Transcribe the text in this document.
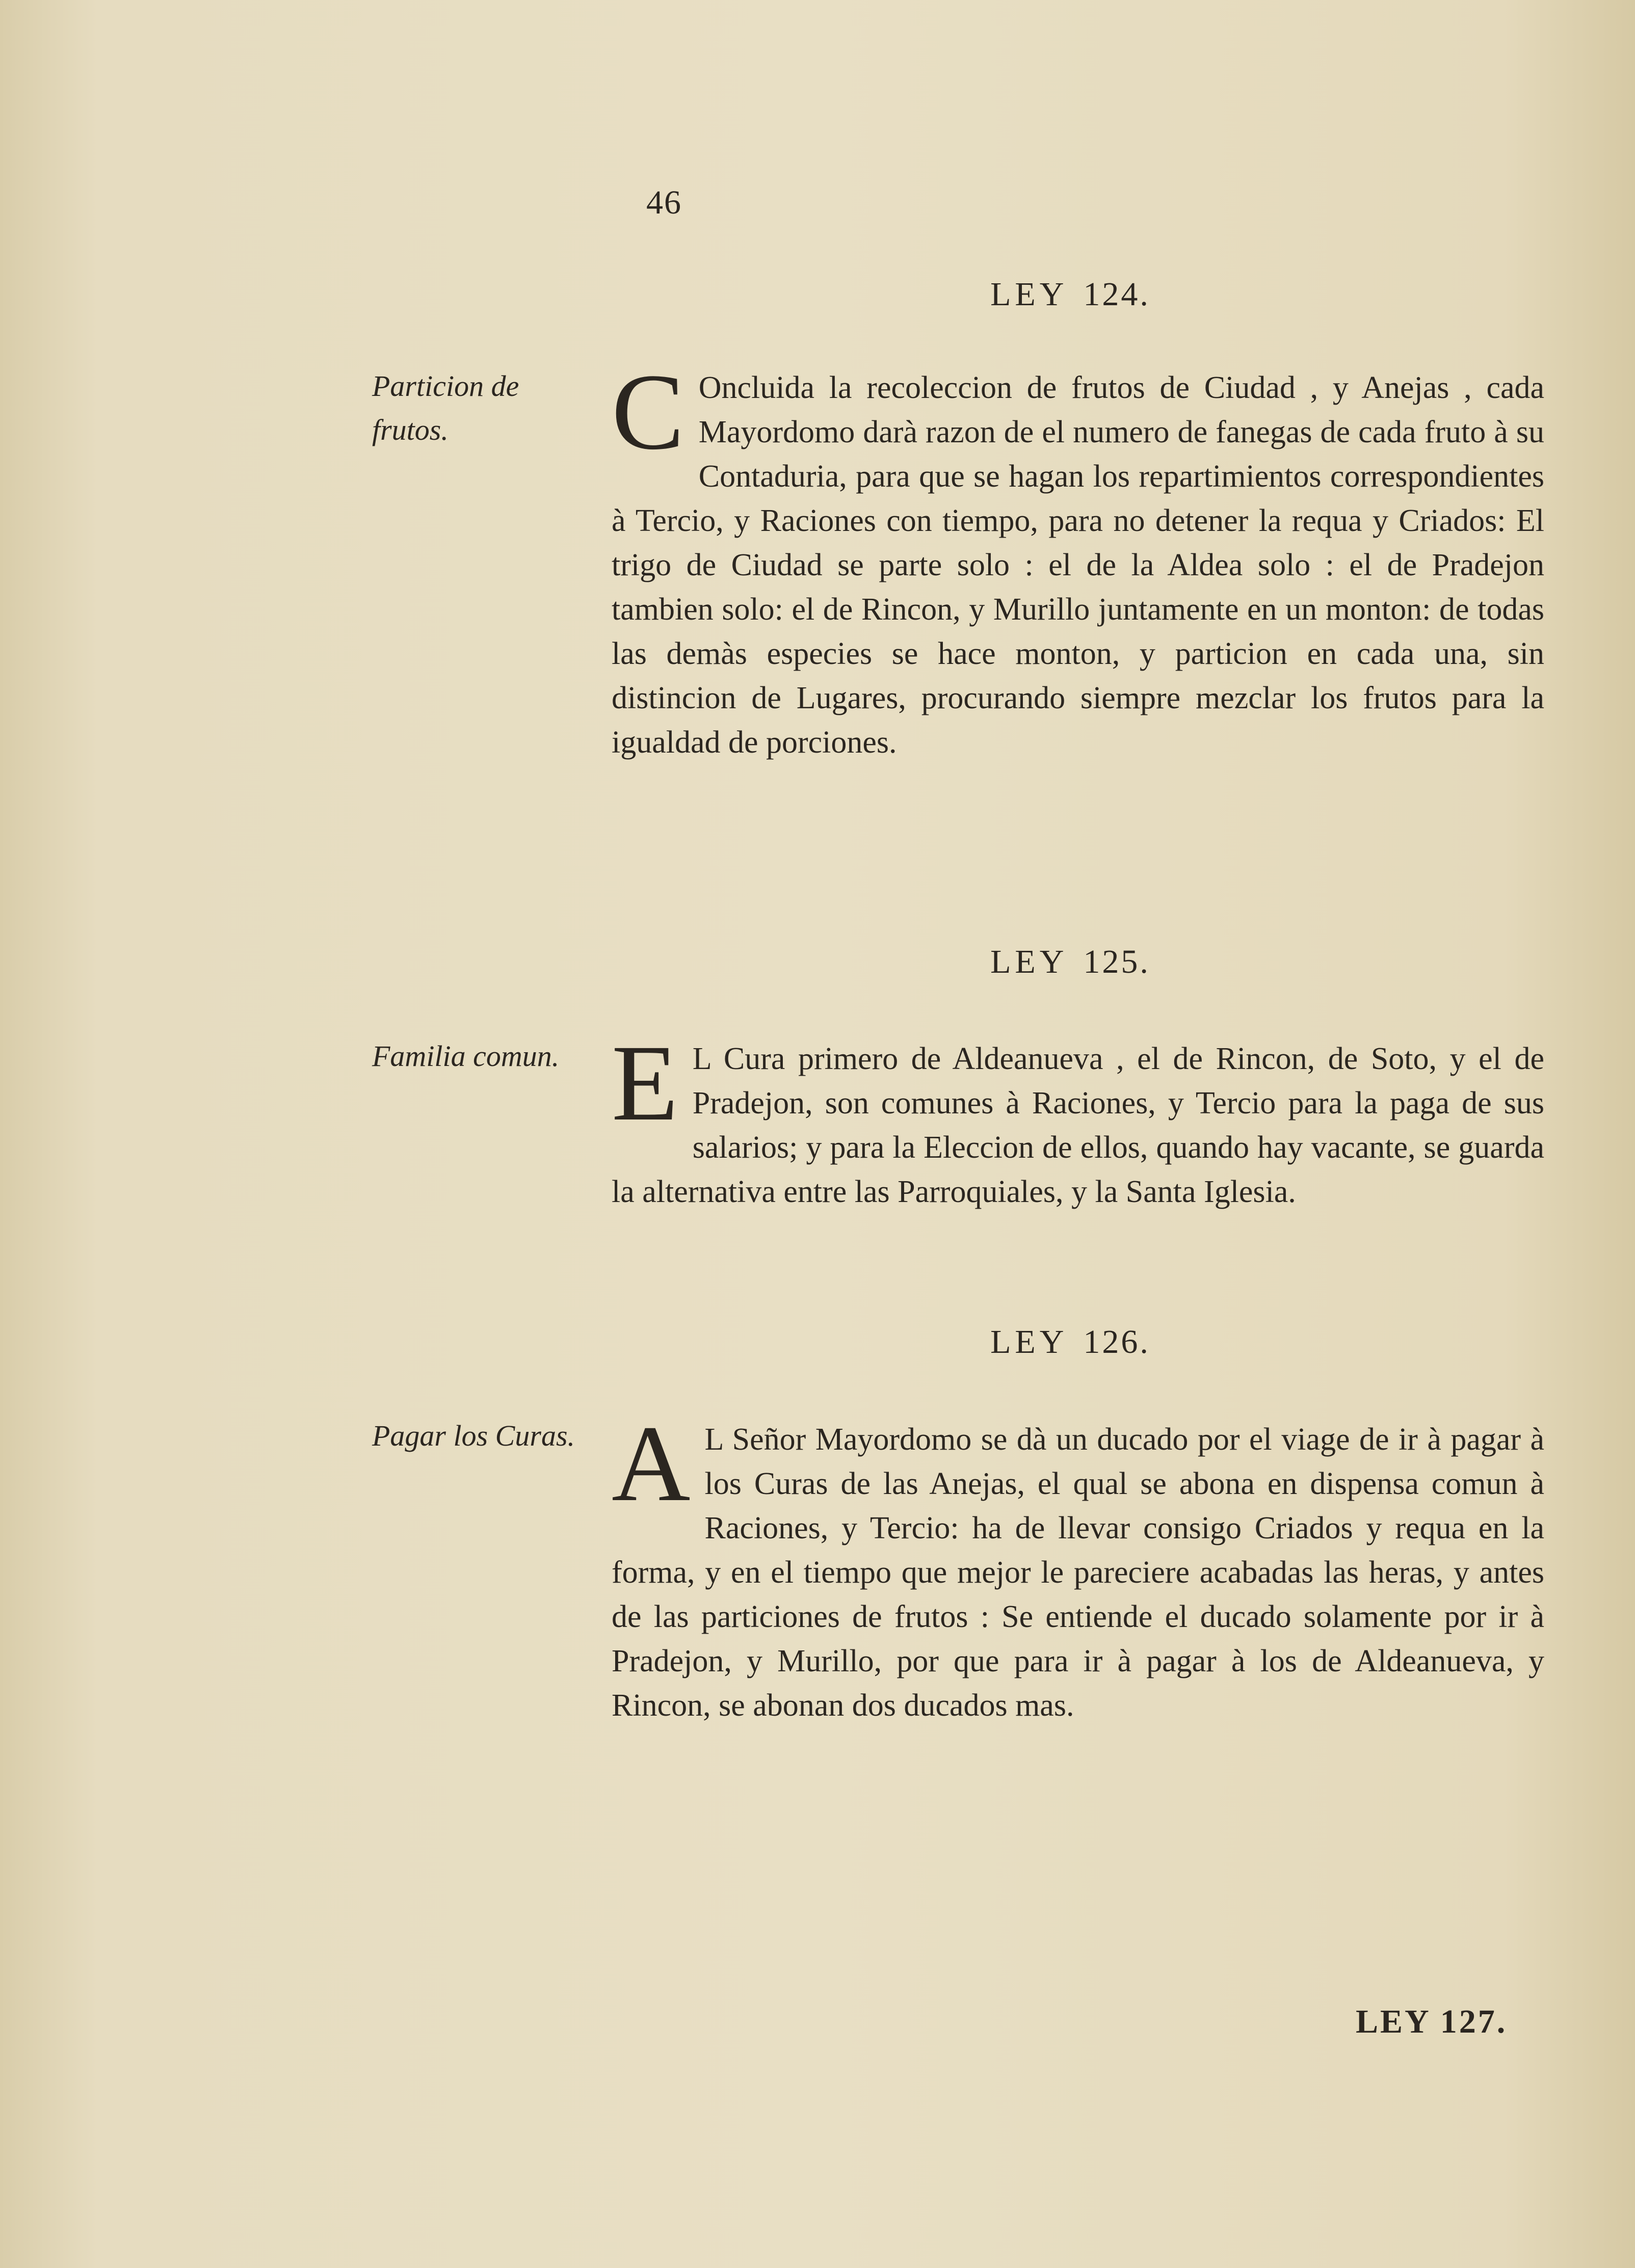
46
LEY 124.
Particion de frutos.	C Oncluida la recoleccion de frutos de Ciudad , y Anejas , cada Mayordomo darà razon de el numero de fanegas de cada fruto à su Contaduria, para que se hagan los repartimientos correspondientes à Tercio, y Raciones con tiempo, para no detener la requa y Criados: El trigo de Ciudad se parte solo : el de la Aldea solo : el de Pradejon tambien solo: el de Rincon, y Murillo juntamente en un monton: de todas las demàs especies se hace monton, y particion en cada una, sin distincion de Lugares, procurando siempre mezclar los frutos para la igualdad de porciones.

LEY 125.
Familia comun. E L Cura primero de Aldeanueva , el de Rincon, de Soto, y el de Pradejon, son comunes à Raciones, y Tercio para la paga de sus salarios; y para la Eleccion de ellos, quando hay vacante, se guarda la alternativa entre las Parroquiales, y la Santa Iglesia.

LEY 126.
Pagar los Curas. A L Señor Mayordomo se dà un ducado por el viage de ir à pagar à los Curas de las Anejas, el qual se abona en dispensa comun à Raciones, y Tercio: ha de llevar consigo Criados y requa en la forma, y en el tiempo que mejor le pareciere acabadas las heras, y antes de las particiones de frutos : Se entiende el ducado solamente por ir à Pradejon, y Murillo, por que para ir à pagar à los de Aldeanueva, y Rincon, se abonan dos ducados mas.

LEY 127.
